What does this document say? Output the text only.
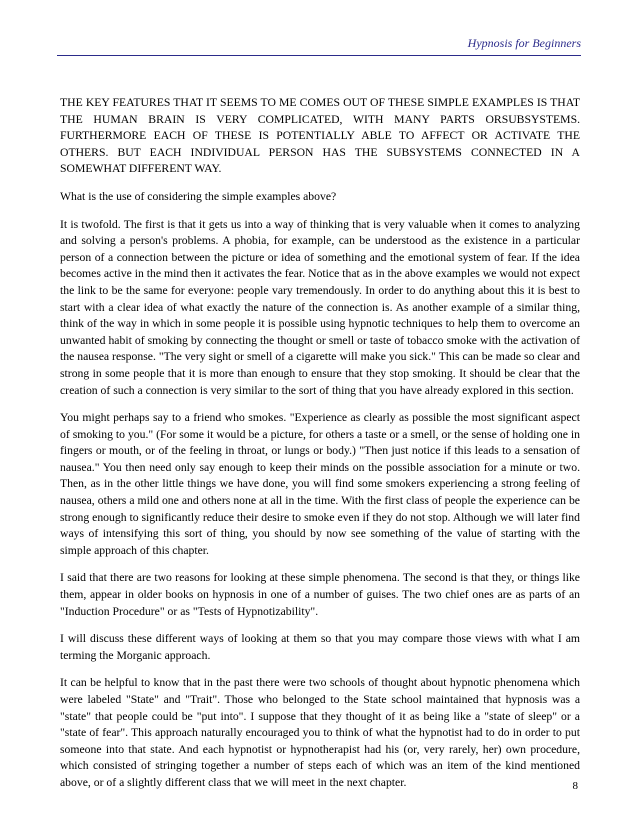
Hypnosis for Beginners

THE KEY FEATURES THAT IT SEEMS TO ME COMES OUT OF THESE SIMPLE EXAMPLES IS THAT THE HUMAN BRAIN IS VERY COMPLICATED, WITH MANY PARTS ORSUBSYSTEMS. FURTHERMORE EACH OF THESE IS POTENTIALLY ABLE TO AFFECT OR ACTIVATE THE OTHERS. BUT EACH INDIVIDUAL PERSON HAS THE SUBSYSTEMS CONNECTED IN A SOMEWHAT DIFFERENT WAY.

What is the use of considering the simple examples above?

It is twofold. The first is that it gets us into a way of thinking that is very valuable when it comes to analyzing and solving a person's problems. A phobia, for example, can be understood as the existence in a particular person of a connection between the picture or idea of something and the emotional system of fear. If the idea becomes active in the mind then it activates the fear. Notice that as in the above examples we would not expect the link to be the same for everyone: people vary tremendously. In order to do anything about this it is best to start with a clear idea of what exactly the nature of the connection is. As another example of a similar thing, think of the way in which in some people it is possible using hypnotic techniques to help them to overcome an unwanted habit of smoking by connecting the thought or smell or taste of tobacco smoke with the activation of the nausea response. "The very sight or smell of a cigarette will make you sick." This can be made so clear and strong in some people that it is more than enough to ensure that they stop smoking. It should be clear that the creation of such a connection is very similar to the sort of thing that you have already explored in this section.

You might perhaps say to a friend who smokes. "Experience as clearly as possible the most significant aspect of smoking to you." (For some it would be a picture, for others a taste or a smell, or the sense of holding one in fingers or mouth, or of the feeling in throat, or lungs or body.) "Then just notice if this leads to a sensation of nausea." You then need only say enough to keep their minds on the possible association for a minute or two. Then, as in the other little things we have done, you will find some smokers experiencing a strong feeling of nausea, others a mild one and others none at all in the time. With the first class of people the experience can be strong enough to significantly reduce their desire to smoke even if they do not stop. Although we will later find ways of intensifying this sort of thing, you should by now see something of the value of starting with the simple approach of this chapter.

I said that there are two reasons for looking at these simple phenomena. The second is that they, or things like them, appear in older books on hypnosis in one of a number of guises. The two chief ones are as parts of an "Induction Procedure" or as "Tests of Hypnotizability".

I will discuss these different ways of looking at them so that you may compare those views with what I am terming the Morganic approach.

It can be helpful to know that in the past there were two schools of thought about hypnotic phenomena which were labeled "State" and "Trait". Those who belonged to the State school maintained that hypnosis was a "state" that people could be "put into". I suppose that they thought of it as being like a "state of sleep" or a "state of fear". This approach naturally encouraged you to think of what the hypnotist had to do in order to put someone into that state. And each hypnotist or hypnotherapist had his (or, very rarely, her) own procedure, which consisted of stringing together a number of steps each of which was an item of the kind mentioned above, or of a slightly different class that we will meet in the next chapter.	8
